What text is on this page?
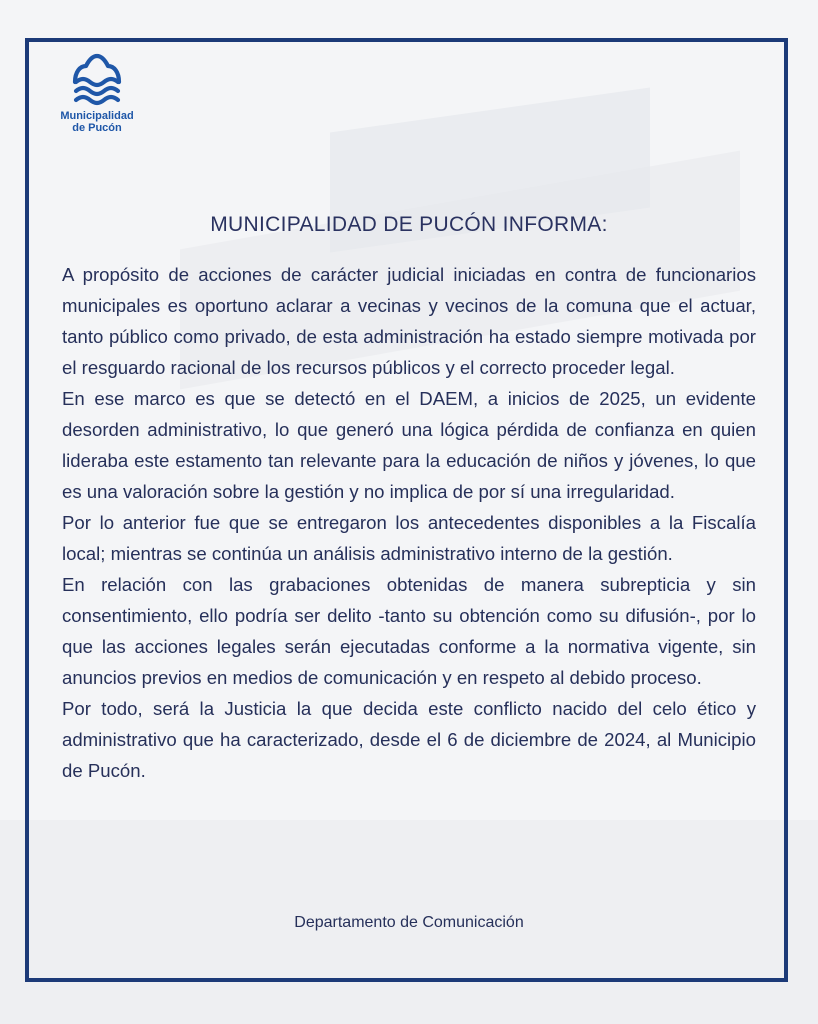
Municipalidad
de Pucón
MUNICIPALIDAD DE PUCÓN INFORMA:

A propósito de acciones de carácter judicial iniciadas en contra de funcionarios municipales es oportuno aclarar a vecinas y vecinos de la comuna que el actuar, tanto público como privado, de esta administración ha estado siempre motivada por el resguardo racional de los recursos públicos y el correcto proceder legal.

En ese marco es que se detectó en el DAEM, a inicios de 2025, un evidente desorden administrativo, lo que generó una lógica pérdida de confianza en quien lideraba este estamento tan relevante para la educación de niños y jóvenes, lo que es una valoración sobre la gestión y no implica de por sí una irregularidad.

Por lo anterior fue que se entregaron los antecedentes disponibles a la Fiscalía local; mientras se continúa un análisis administrativo interno de la gestión.

En relación con las grabaciones obtenidas de manera subrepticia y sin consentimiento, ello podría ser delito -tanto su obtención como su difusión-, por lo que las acciones legales serán ejecutadas conforme a la normativa vigente, sin anuncios previos en medios de comunicación y en respeto al debido proceso.

Por todo, será la Justicia la que decida este conflicto nacido del celo ético y administrativo que ha caracterizado, desde el 6 de diciembre de 2024, al Municipio de Pucón.

Departamento de Comunicación
